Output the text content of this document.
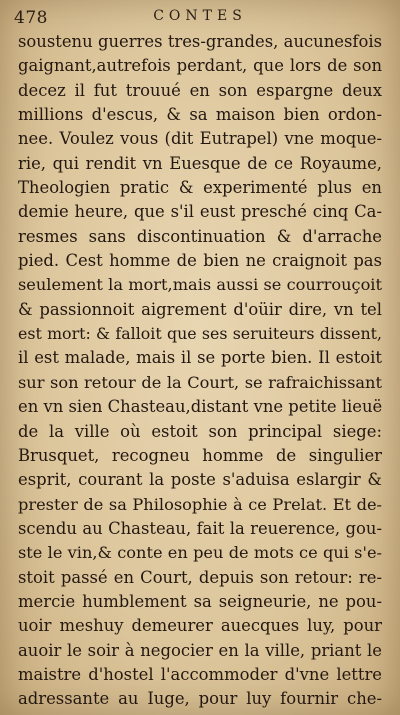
478	CONTES
soustenu guerres tres-grandes, aucunesfois
gaignant,autrefois perdant, que lors de son
decez il fut trouué en son espargne deux
millions d'escus, & sa maison bien ordon-
nee. Voulez vous (dit Eutrapel) vne moque-
rie, qui rendit vn Euesque de ce Royaume,
Theologien pratic & experimenté plus en
demie heure, que s'il eust presché cinq Ca-
resmes sans discontinuation & d'arrache
pied. Cest homme de bien ne craignoit pas
seulement la mort,mais aussi se courrouçoit
& passionnoit aigrement d'oüir dire, vn tel
est mort: & falloit que ses seruiteurs dissent,
il est malade, mais il se porte bien. Il estoit
sur son retour de la Court, se rafraichissant
en vn sien Chasteau,distant vne petite lieuë
de la ville où estoit son principal siege:
Brusquet, recogneu homme de singulier
esprit, courant la poste s'aduisa eslargir &
prester de sa Philosophie à ce Prelat. Et de-
scendu au Chasteau, fait la reuerence, gou-
ste le vin,& conte en peu de mots ce qui s'e-
stoit passé en Court, depuis son retour: re-
mercie humblement sa seigneurie, ne pou-
uoir meshuy demeurer auecques luy, pour
auoir le soir à negocier en la ville, priant le
maistre d'hostel l'accommoder d'vne lettre
adressante au Iuge, pour luy fournir che-
